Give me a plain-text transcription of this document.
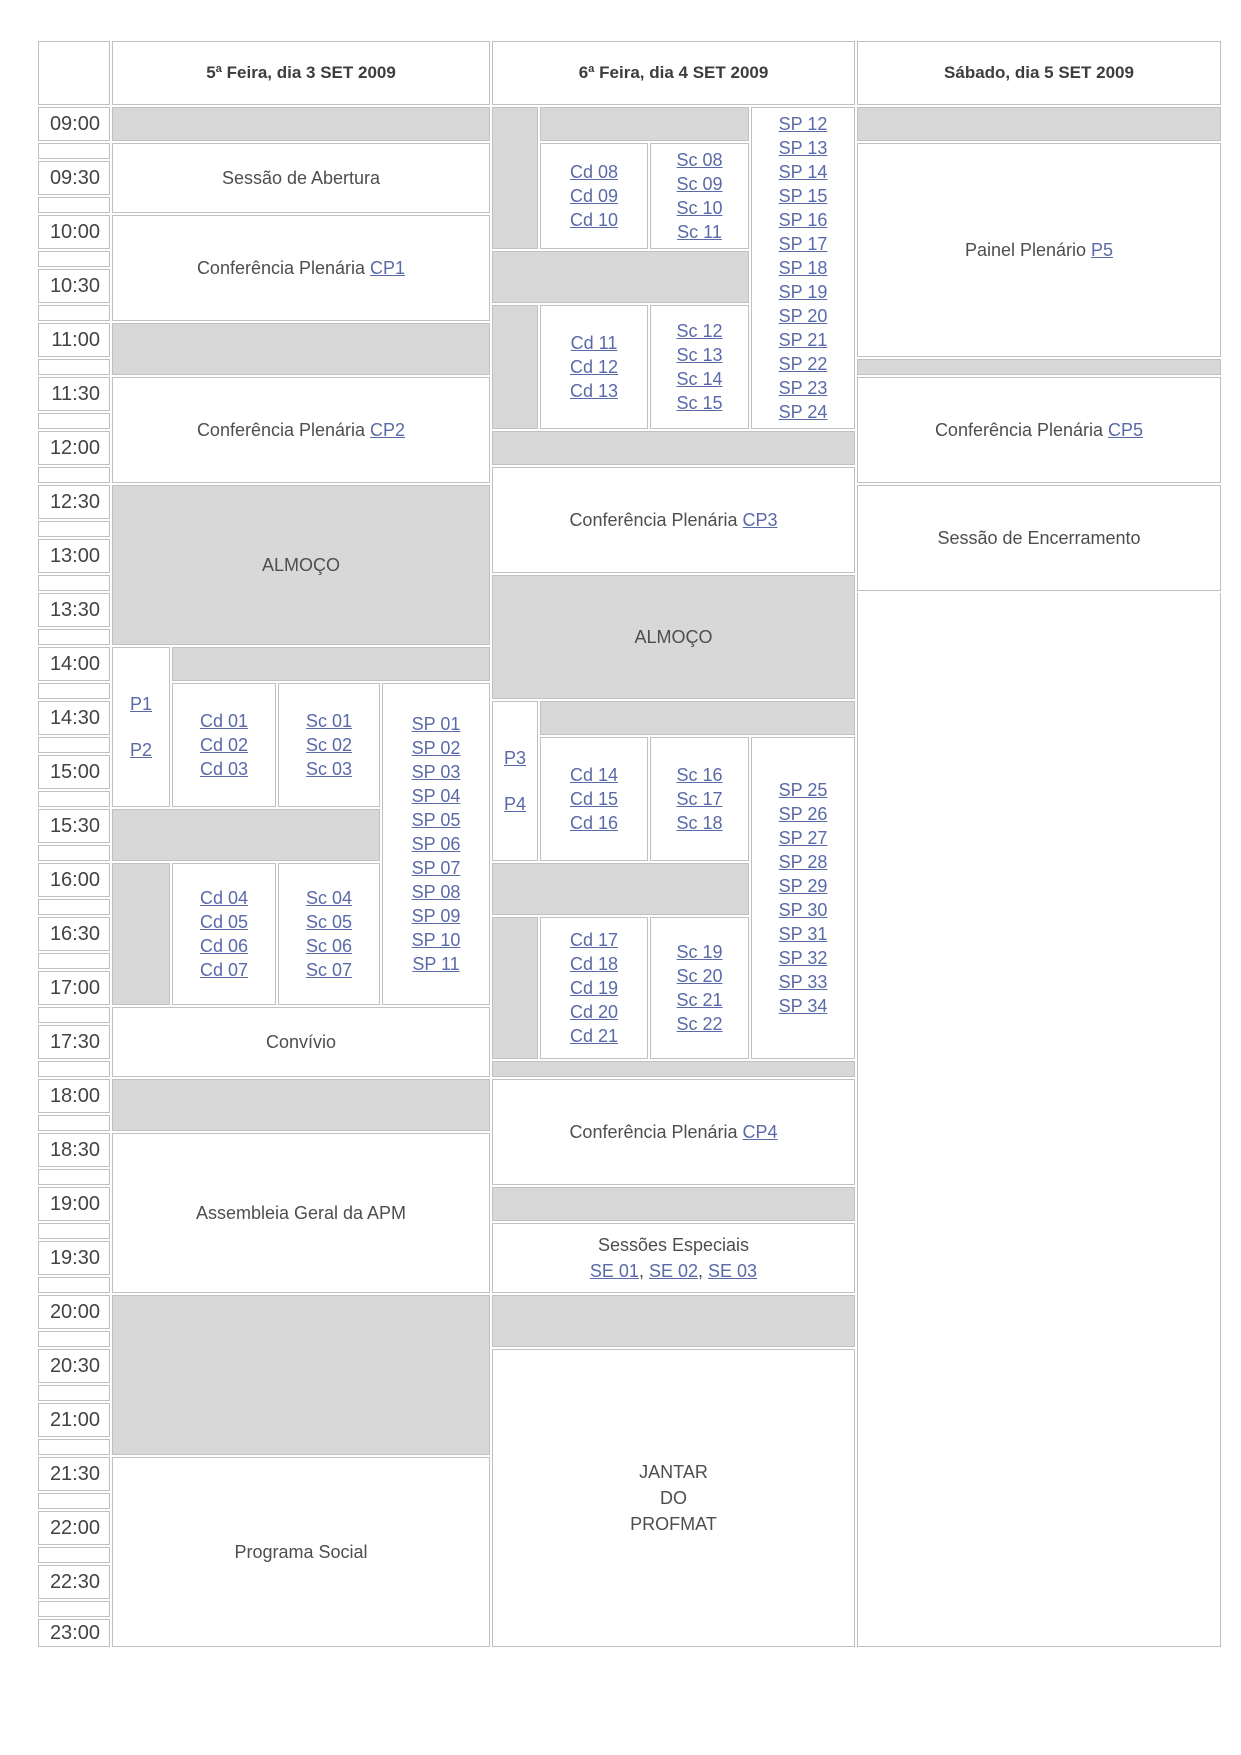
5ª Feira, dia 3 SET 2009	6ª Feira, dia 4 SET 2009	Sábado, dia 5 SET 2009
09:00
09:30
10:00
10:30
11:00
11:30
12:00
12:30
13:00
13:30
14:00
14:30
15:00
15:30
16:00
16:30
17:00
17:30
18:00
18:30
19:00
19:30
20:00
20:30
21:00
21:30
22:00
22:30
23:00
Sessão de Abertura
Conferência Plenária CP1
Conferência Plenária CP2
ALMOÇO
P1
P2
Cd 01
Cd 02
Cd 03
Sc 01
Sc 02
Sc 03
SP 01
SP 02
SP 03
SP 04
SP 05
SP 06
SP 07
SP 08
SP 09
SP 10
SP 11
Cd 04
Cd 05
Cd 06
Cd 07
Sc 04
Sc 05
Sc 06
Sc 07
Convívio
Assembleia Geral da APM
Programa Social
Cd 08
Cd 09
Cd 10
Sc 08
Sc 09
Sc 10
Sc 11
SP 12
SP 13
SP 14
SP 15
SP 16
SP 17
SP 18
SP 19
SP 20
SP 21
SP 22
SP 23
SP 24
Cd 11
Cd 12
Cd 13
Sc 12
Sc 13
Sc 14
Sc 15
Conferência Plenária CP3
ALMOÇO
P3
P4
Cd 14
Cd 15
Cd 16
Sc 16
Sc 17
Sc 18
SP 25
SP 26
SP 27
SP 28
SP 29
SP 30
SP 31
SP 32
SP 33
SP 34
Cd 17
Cd 18
Cd 19
Cd 20
Cd 21
Sc 19
Sc 20
Sc 21
Sc 22
Conferência Plenária CP4
Sessões Especiais
SE 01, SE 02, SE 03
JANTAR
DO
PROFMAT
Painel Plenário P5
Conferência Plenária CP5
Sessão de Encerramento
